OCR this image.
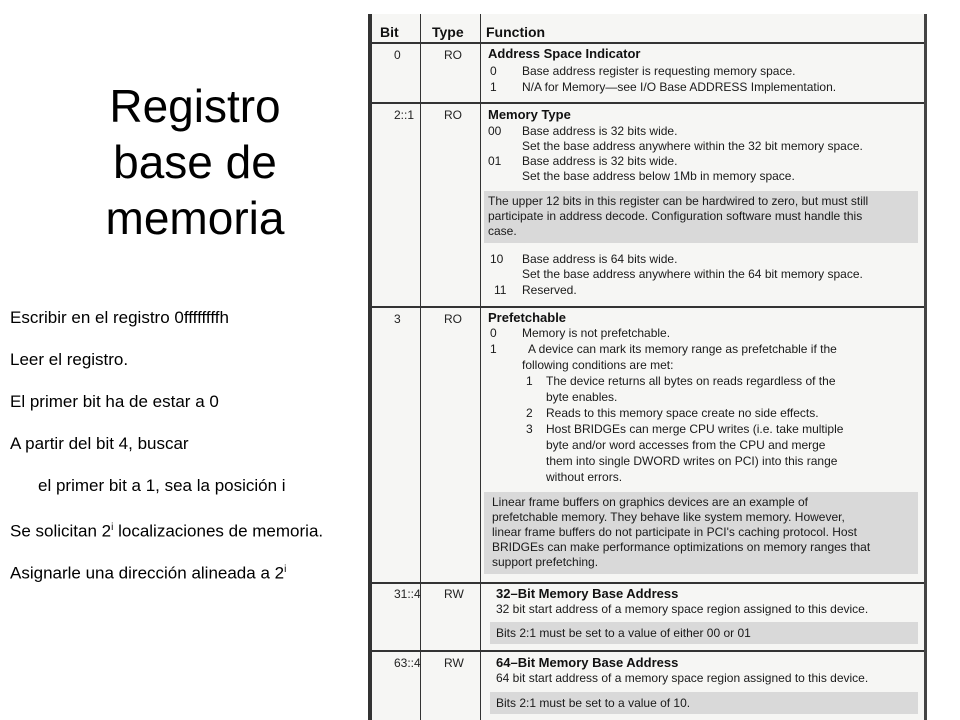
Registro
base de
memoria
Bit Type Function
0	RO Address Space Indicator
0 Base address register is requesting memory space.
1 N/A for Memory—see I/O Base ADDRESS Implementation.
2::1 RO Memory Type
00 Base address is 32 bits wide.
Set the base address anywhere within the 32 bit memory space.
01 Base address is 32 bits wide.
Set the base address below 1Mb in memory space.
The upper 12 bits in this register can be hardwired to zero, but must still
participate in address decode. Configuration software must handle this
case.
10 Base address is 64 bits wide.
Set the base address anywhere within the 64 bit memory space.
11 Reserved.
3	RO Prefetchable
0 Memory is not prefetchable.
1	A device can mark its memory range as prefetchable if the
following conditions are met:
1 The device returns all bytes on reads regardless of the
byte enables.
2 Reads to this memory space create no side effects.
3 Host BRIDGEs can merge CPU writes (i.e. take multiple
byte and/or word accesses from the CPU and merge
them into single DWORD writes on PCI) into this range
without errors.
Linear frame buffers on graphics devices are an example of
prefetchable memory. They behave like system memory. However,
linear frame buffers do not participate in PCI's caching protocol. Host
BRIDGEs can make performance optimizations on memory ranges that
support prefetching.
31::4 RW 32–Bit Memory Base Address
32 bit start address of a memory space region assigned to this device.
Bits 2:1 must be set to a value of either 00 or 01
63::4 RW 64–Bit Memory Base Address
64 bit start address of a memory space region assigned to this device.
Bits 2:1 must be set to a value of 10.
Escribir en el registro 0ffffffffh
Leer el registro.
El primer bit ha de estar a 0
A partir del bit 4, buscar
el primer bit a 1, sea la posición i
Se solicitan 2$^i$ localizaciones de memoria.
Asignarle una dirección alineada a 2$^i$
